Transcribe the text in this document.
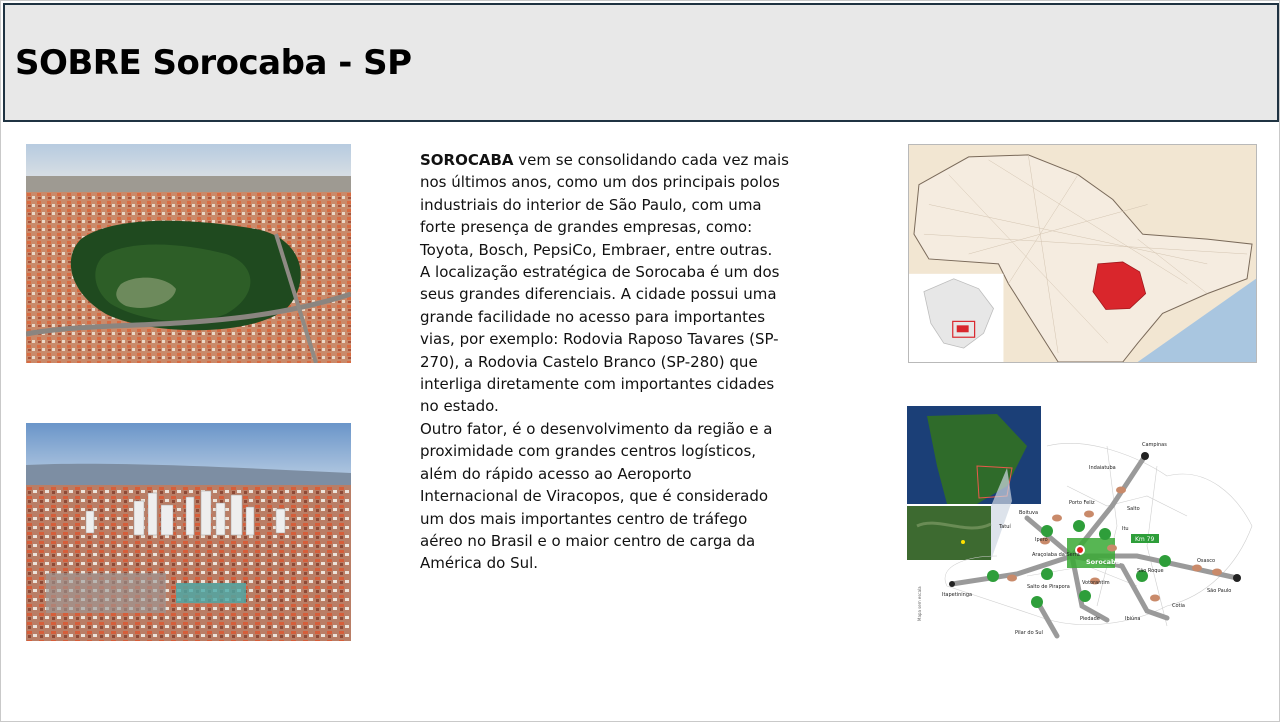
SOBRE Sorocaba - SP

SOROCABA vem se consolidando cada vez mais nos últimos anos, como um dos principais polos industriais do interior de São Paulo, com uma forte presença de grandes empresas, como: Toyota, Bosch, PepsiCo, Embraer, entre outras.

A localização estratégica de Sorocaba é um dos seus grandes diferenciais. A cidade possui uma grande facilidade no acesso para importantes vias, por exemplo: Rodovia Raposo Tavares (SP-270), a Rodovia Castelo Branco (SP-280) que interliga diretamente com importantes cidades no estado.

Outro fator, é o desenvolvimento da região e a proximidade com grandes centros logísticos, além do rápido acesso ao Aeroporto Internacional de Viracopos, que é considerado um dos mais importantes centro de tráfego aéreo no Brasil e o maior centro de carga da América do Sul.	Sorocaba
Km 79
Campinas
Indaiatuba
Porto Feliz
Boituva
Salto
Itu
Tatuí
Iperó
Araçoiaba da Serra
Votorantim
São Roque
Osasco
São Paulo
Salto de Pirapora
Itapetininga
Piedade	Ibiúna
Cotia
Pilar do Sul
Mapa sem escala
